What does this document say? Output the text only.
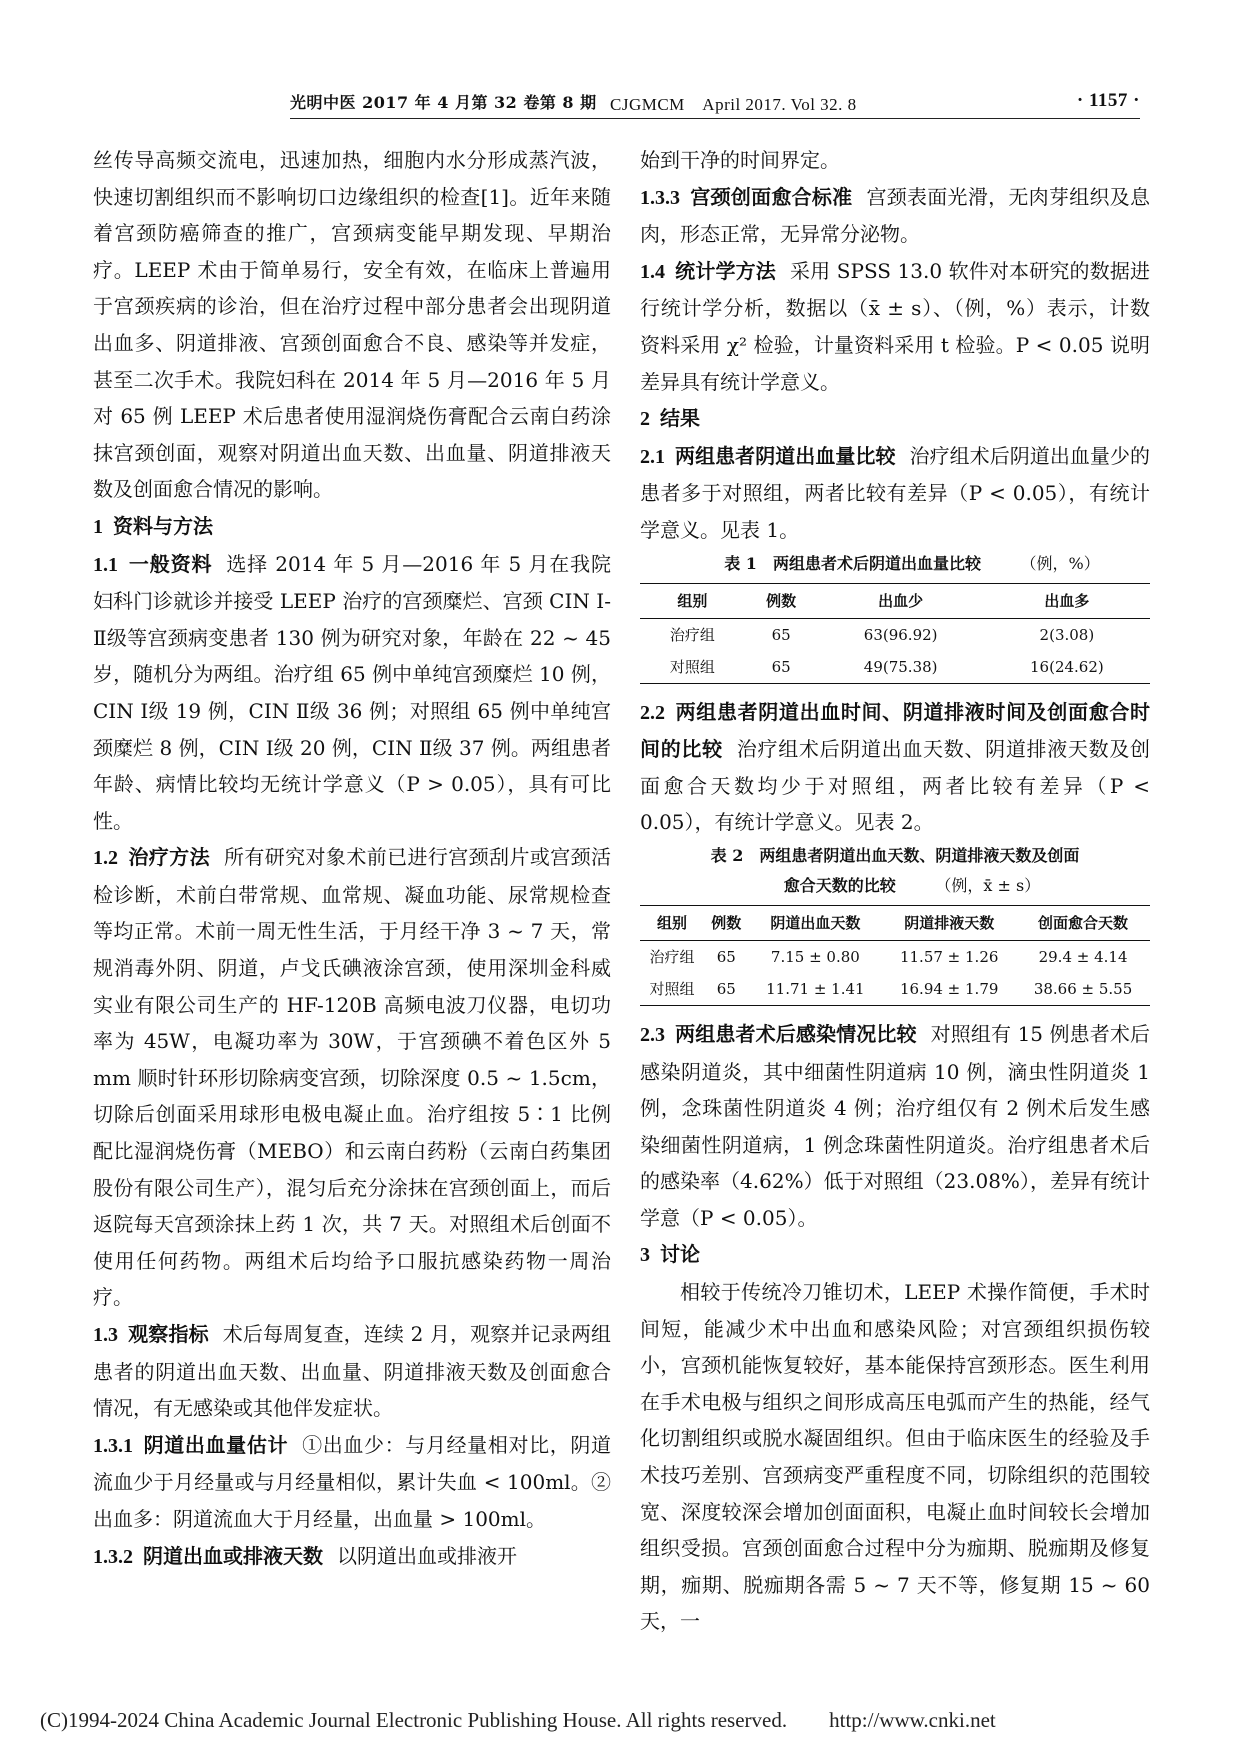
光明中医 2017 年 4 月第 32 卷第 8 期 CJGMCM　April 2017. Vol 32. 8	· 1157 ·

丝传导高频交流电，迅速加热，细胞内水分形成蒸汽波，快速切割组织而不影响切口边缘组织的检查[1]。近年来随着宫颈防癌筛查的推广，宫颈病变能早期发现、早期治疗。LEEP 术由于简单易行，安全有效，在临床上普遍用于宫颈疾病的诊治，但在治疗过程中部分患者会出现阴道出血多、阴道排液、宫颈创面愈合不良、感染等并发症，甚至二次手术。我院妇科在 2014 年 5 月—2016 年 5 月对 65 例 LEEP 术后患者使用湿润烧伤膏配合云南白药涂抹宫颈创面，观察对阴道出血天数、出血量、阴道排液天数及创面愈合情况的影响。

1 资料与方法

1.1 一般资料 选择 2014 年 5 月—2016 年 5 月在我院妇科门诊就诊并接受 LEEP 治疗的宫颈糜烂、宫颈 CIN Ⅰ-Ⅱ级等宫颈病变患者 130 例为研究对象，年龄在 22 ~ 45 岁，随机分为两组。治疗组 65 例中单纯宫颈糜烂 10 例，CIN Ⅰ级 19 例，CIN Ⅱ级 36 例；对照组 65 例中单纯宫颈糜烂 8 例，CIN Ⅰ级 20 例，CIN Ⅱ级 37 例。两组患者年龄、病情比较均无统计学意义（P > 0.05），具有可比性。

1.2 治疗方法 所有研究对象术前已进行宫颈刮片或宫颈活检诊断，术前白带常规、血常规、凝血功能、尿常规检查等均正常。术前一周无性生活，于月经干净 3 ~ 7 天，常规消毒外阴、阴道，卢戈氏碘液涂宫颈，使用深圳金科威实业有限公司生产的 HF-120B 高频电波刀仪器，电切功率为 45W，电凝功率为 30W，于宫颈碘不着色区外 5 mm 顺时针环形切除病变宫颈，切除深度 0.5 ~ 1.5cm，切除后创面采用球形电极电凝止血。治疗组按 5∶1 比例配比湿润烧伤膏（MEBO）和云南白药粉（云南白药集团股份有限公司生产），混匀后充分涂抹在宫颈创面上，而后返院每天宫颈涂抹上药 1 次，共 7 天。对照组术后创面不使用任何药物。两组术后均给予口服抗感染药物一周治疗。

1.3 观察指标 术后每周复查，连续 2 月，观察并记录两组患者的阴道出血天数、出血量、阴道排液天数及创面愈合情况，有无感染或其他伴发症状。

1.3.1 阴道出血量估计 ①出血少：与月经量相对比，阴道流血少于月经量或与月经量相似，累计失血 < 100ml。②出血多：阴道流血大于月经量，出血量 > 100ml。

1.3.2 阴道出血或排液天数 以阴道出血或排液开

始到干净的时间界定。

1.3.3 宫颈创面愈合标准 宫颈表面光滑，无肉芽组织及息肉，形态正常，无异常分泌物。

1.4 统计学方法 采用 SPSS 13.0 软件对本研究的数据进行统计学分析，数据以（x̄ ± s）、（例，%）表示，计数资料采用 χ² 检验，计量资料采用 t 检验。P < 0.05 说明差异具有统计学意义。

2 结果

2.1 两组患者阴道出血量比较 治疗组术后阴道出血量少的患者多于对照组，两者比较有差异（P < 0.05），有统计学意义。见表 1。

表 1　两组患者术后阴道出血量比较 （例，%）
组别	例数	出血少	出血多
治疗组	65	63(96.92)	2(3.08)
对照组	65	49(75.38)	16(24.62)

2.2 两组患者阴道出血时间、阴道排液时间及创面愈合时间的比较 治疗组术后阴道出血天数、阴道排液天数及创面愈合天数均少于对照组，两者比较有差异（P < 0.05），有统计学意义。见表 2。

表 2　两组患者阴道出血天数、阴道排液天数及创面
愈合天数的比较 （例，x̄ ± s）
组别	例数	阴道出血天数	阴道排液天数	创面愈合天数
治疗组	65	7.15 ± 0.80	11.57 ± 1.26	29.4 ± 4.14
对照组	65	11.71 ± 1.41	16.94 ± 1.79	38.66 ± 5.55

2.3 两组患者术后感染情况比较 对照组有 15 例患者术后感染阴道炎，其中细菌性阴道病 10 例，滴虫性阴道炎 1 例，念珠菌性阴道炎 4 例；治疗组仅有 2 例术后发生感染细菌性阴道病，1 例念珠菌性阴道炎。治疗组患者术后的感染率（4.62%）低于对照组（23.08%），差异有统计学意（P < 0.05）。

3 讨论

相较于传统冷刀锥切术，LEEP 术操作简便，手术时间短，能减少术中出血和感染风险；对宫颈组织损伤较小，宫颈机能恢复较好，基本能保持宫颈形态。医生利用在手术电极与组织之间形成高压电弧而产生的热能，经气化切割组织或脱水凝固组织。但由于临床医生的经验及手术技巧差别、宫颈病变严重程度不同，切除组织的范围较宽、深度较深会增加创面面积，电凝止血时间较长会增加组织受损。宫颈创面愈合过程中分为痂期、脱痂期及修复期，痂期、脱痂期各需 5 ~ 7 天不等，修复期 15 ~ 60 天，一

(C)1994-2024 China Academic Journal Electronic Publishing House. All rights reserved.　　http://www.cnki.net
